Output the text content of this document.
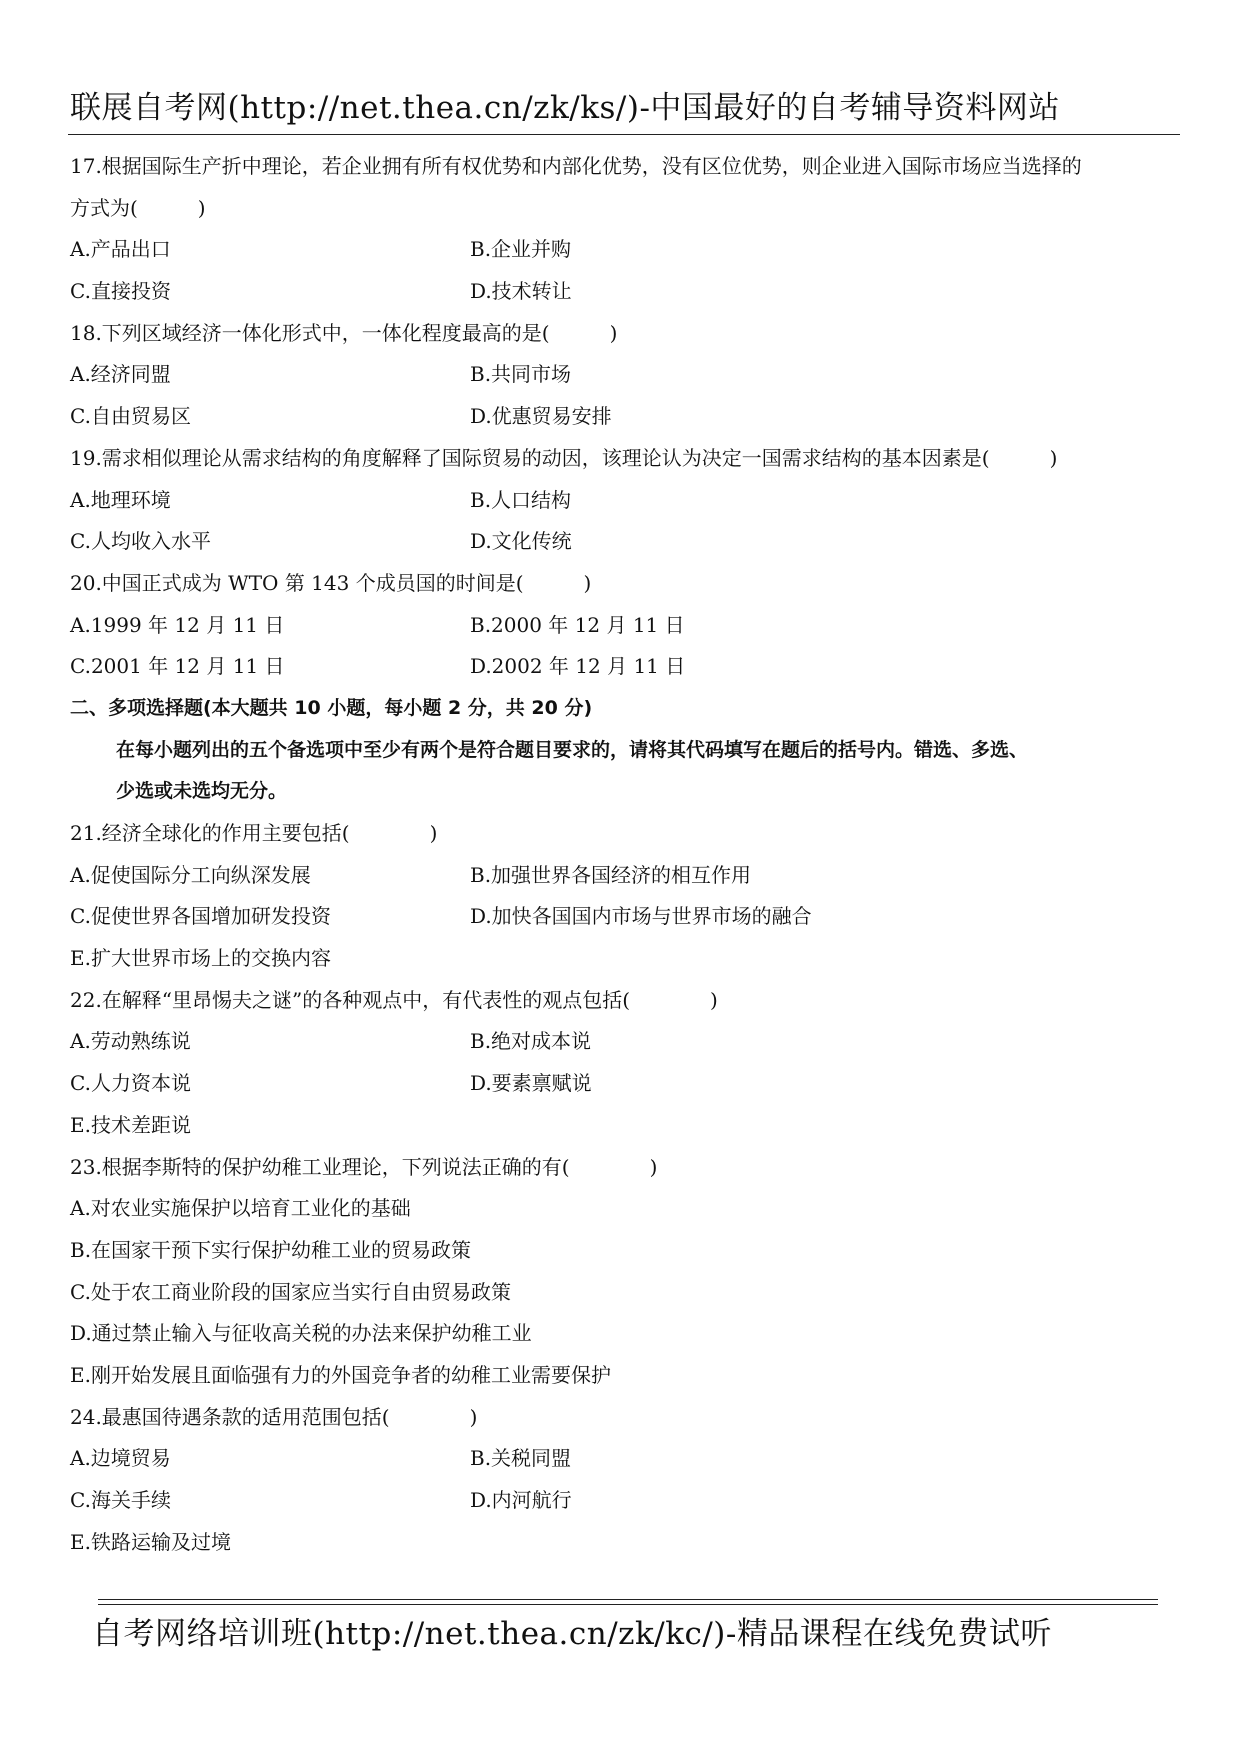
联展自考网(http://net.thea.cn/zk/ks/)-中国最好的自考辅导资料网站
17.根据国际生产折中理论，若企业拥有所有权优势和内部化优势，没有区位优势，则企业进入国际市场应当选择的
方式为(　　　)
A.产品出口	B.企业并购
C.直接投资	D.技术转让
18.下列区域经济一体化形式中，一体化程度最高的是(　　　)
A.经济同盟	B.共同市场
C.自由贸易区	D.优惠贸易安排
19.需求相似理论从需求结构的角度解释了国际贸易的动因，该理论认为决定一国需求结构的基本因素是(　　　)
A.地理环境	B.人口结构
C.人均收入水平	D.文化传统
20.中国正式成为 WTO 第 143 个成员国的时间是(　　　)
A.1999 年 12 月 11 日	B.2000 年 12 月 11 日
C.2001 年 12 月 11 日	D.2002 年 12 月 11 日
二、多项选择题(本大题共 10 小题，每小题 2 分，共 20 分)
在每小题列出的五个备选项中至少有两个是符合题目要求的，请将其代码填写在题后的括号内。错选、多选、
少选或未选均无分。
21.经济全球化的作用主要包括(　　　　)
A.促使国际分工向纵深发展	B.加强世界各国经济的相互作用
C.促使世界各国增加研发投资	D.加快各国国内市场与世界市场的融合
E.扩大世界市场上的交换内容
22.在解释“里昂惕夫之谜”的各种观点中，有代表性的观点包括(　　　　)
A.劳动熟练说	B.绝对成本说
C.人力资本说	D.要素禀赋说
E.技术差距说
23.根据李斯特的保护幼稚工业理论，下列说法正确的有(　　　　)
A.对农业实施保护以培育工业化的基础
B.在国家干预下实行保护幼稚工业的贸易政策
C.处于农工商业阶段的国家应当实行自由贸易政策
D.通过禁止输入与征收高关税的办法来保护幼稚工业
E.刚开始发展且面临强有力的外国竞争者的幼稚工业需要保护
24.最惠国待遇条款的适用范围包括(　　　　)
A.边境贸易	B.关税同盟
C.海关手续	D.内河航行
E.铁路运输及过境
自考网络培训班(http://net.thea.cn/zk/kc/)-精品课程在线免费试听
